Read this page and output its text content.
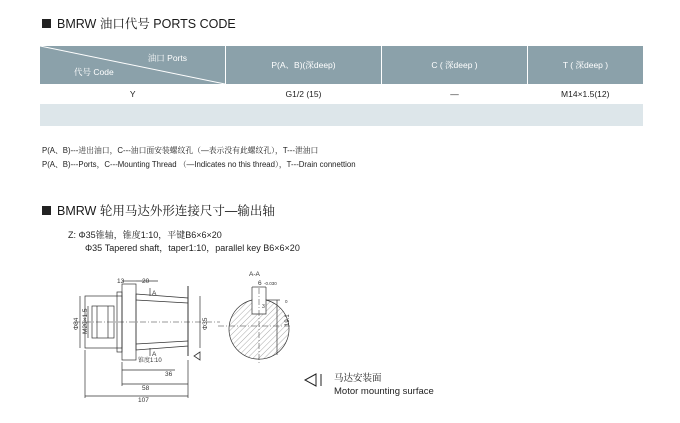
BMRW 油口代号 PORTS CODE
油口 Ports
代号 Code	P(A、B)(深deep)	C ( 深deep )	T ( 深deep )
Y	G1/2 (15)	—	M14×1.5(12)

P(A、B)---进出油口，C---油口面安装螺纹孔（—表示没有此螺纹孔），T---泄油口
P(A、B)---Ports，C---Mounting Thread （—Indicates no this thread），T---Drain connettion
BMRW 轮用马达外形连接尺寸—输出轴
Z: Φ35锥轴，锥度1:10，平键B6×6×20
Φ35 Tapered shaft，taper1:10，parallel key B6×6×20
13	20
A
Φ84 M20×1.5	Φ35
A
锥度1:10
36
58
107
A-A
6 -0.030
19.1
0
3
马达安装面
Motor mounting surface
